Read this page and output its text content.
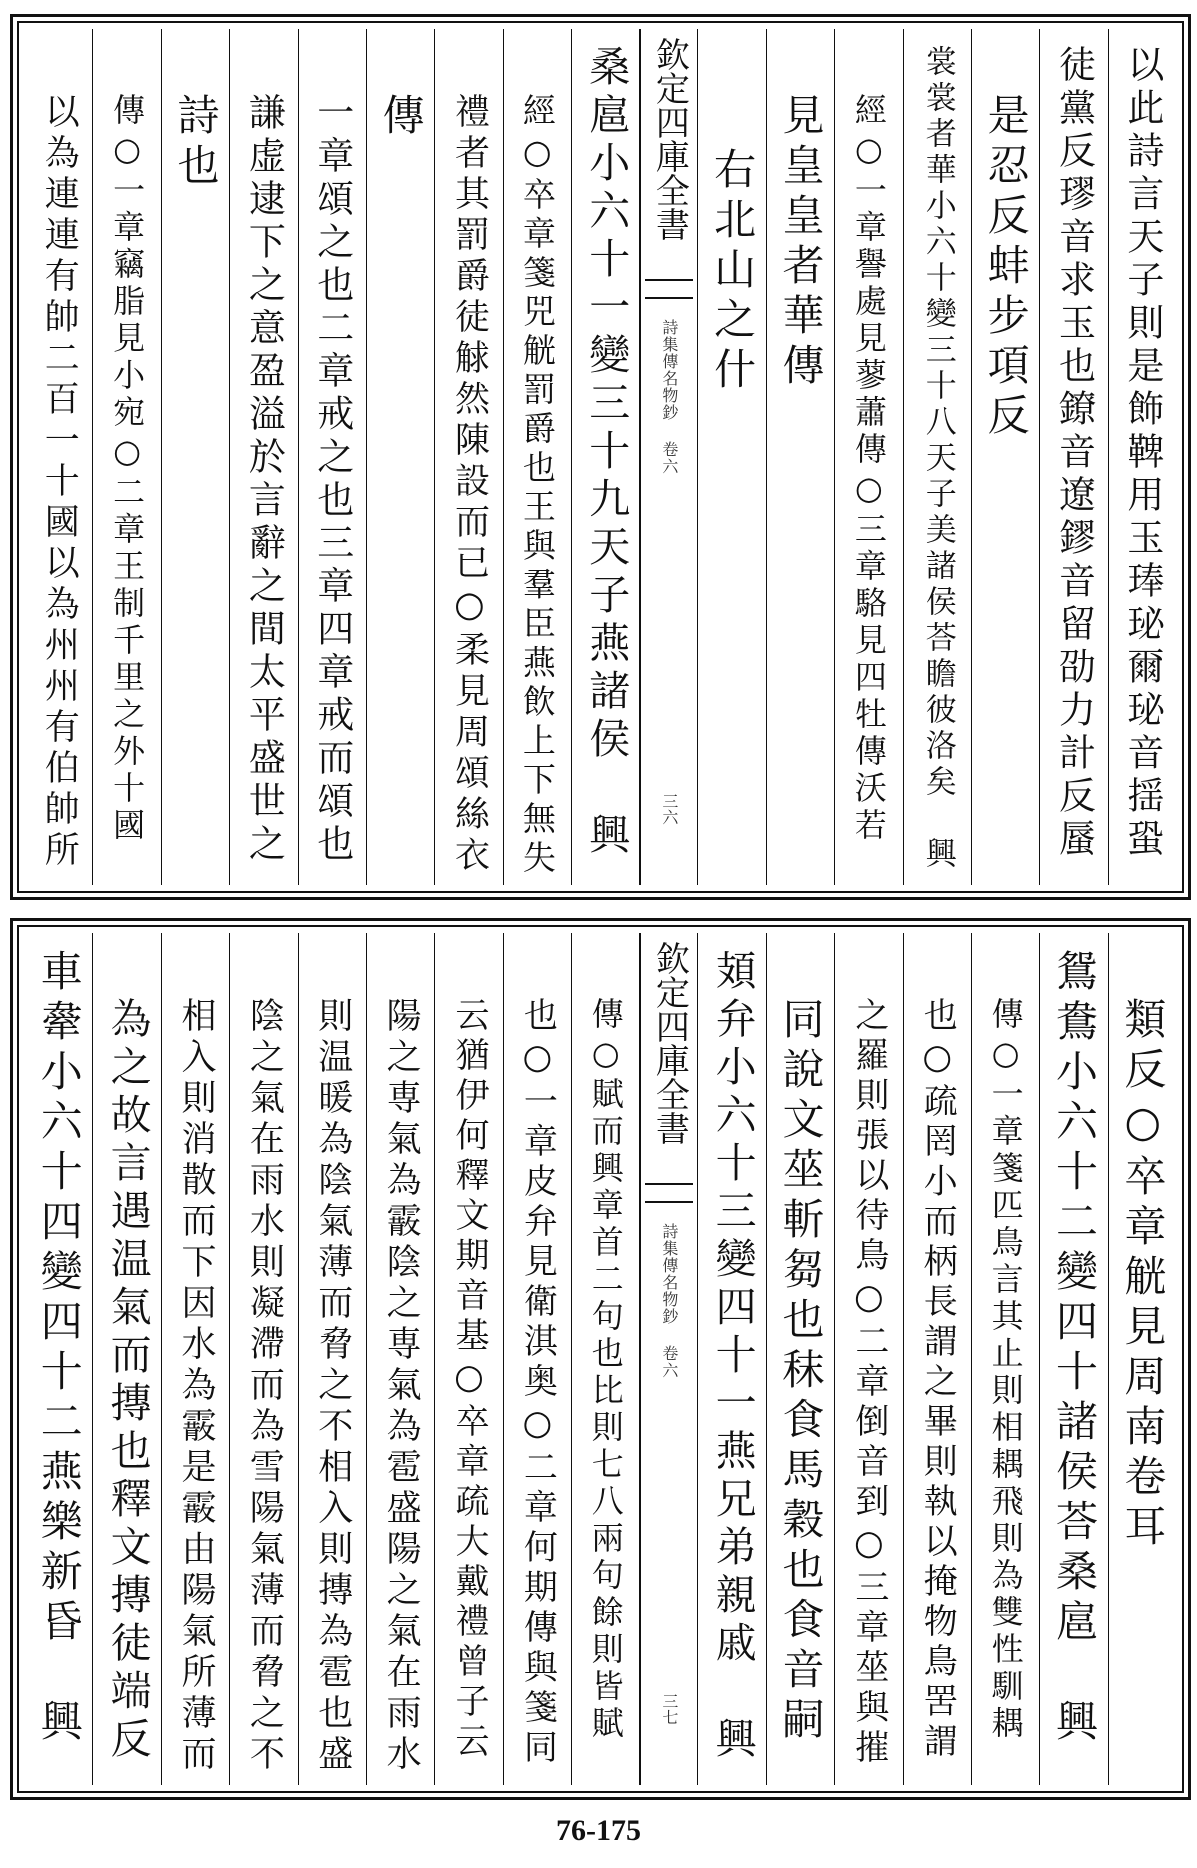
以此詩言天子則是飾鞞用玉琫珌爾珌音揺蛩
徒黨反璆音求玉也鐐音遼鏐音留劭力計反蜃
是忍反蚌步項反
裳裳者華小六十變三十八天子美諸侯荅瞻彼洛矣　興
經○一章譽處見蓼蕭傳○三章駱見四牡傳沃若
見皇皇者華傳
右北山之什
欽定四庫全書
詩集傳名物鈔 卷六
三六
桑扈小六十一變三十九天子燕諸侯　興
經○卒章箋兕觥罰爵也王與羣臣燕飲上下無失
禮者其罰爵徒觩然陳設而已○柔見周頌絲衣
傳
一章頌之也二章戒之也三章四章戒而頌也
謙虚逮下之意盈溢於言辭之間太平盛世之
詩也
傳○一章竊脂見小宛○二章王制千里之外十國
以為連連有帥二百一十國以為州州有伯帥所
類反○卒章觥見周南卷耳
鴛鴦小六十二變四十諸侯荅桑扈　興
傳○一章箋匹鳥言其止則相耦飛則為雙性馴耦
也○疏罔小而柄長謂之畢則執以掩物鳥罟謂
之羅則張以待鳥○二章倒音到○三章莝與摧
同說文莝斬芻也秣食馬穀也食音嗣
頍弁小六十三變四十一燕兄弟親戚　興
欽定四庫全書
詩集傳名物鈔 卷六
三七
傳○賦而興章首二句也比則七八兩句餘則皆賦
也○一章皮弁見衛淇奥○二章何期傳與箋同
云猶伊何釋文期音基○卒章疏大戴禮曾子云
陽之専氣為霰陰之専氣為雹盛陽之氣在雨水
則温暖為陰氣薄而脅之不相入則摶為雹也盛
陰之氣在雨水則凝滯而為雪陽氣薄而脅之不
相入則消散而下因水為霰是霰由陽氣所薄而
為之故言遇温氣而摶也釋文摶徒端反
車舝小六十四變四十二燕樂新昏　興
76-175
